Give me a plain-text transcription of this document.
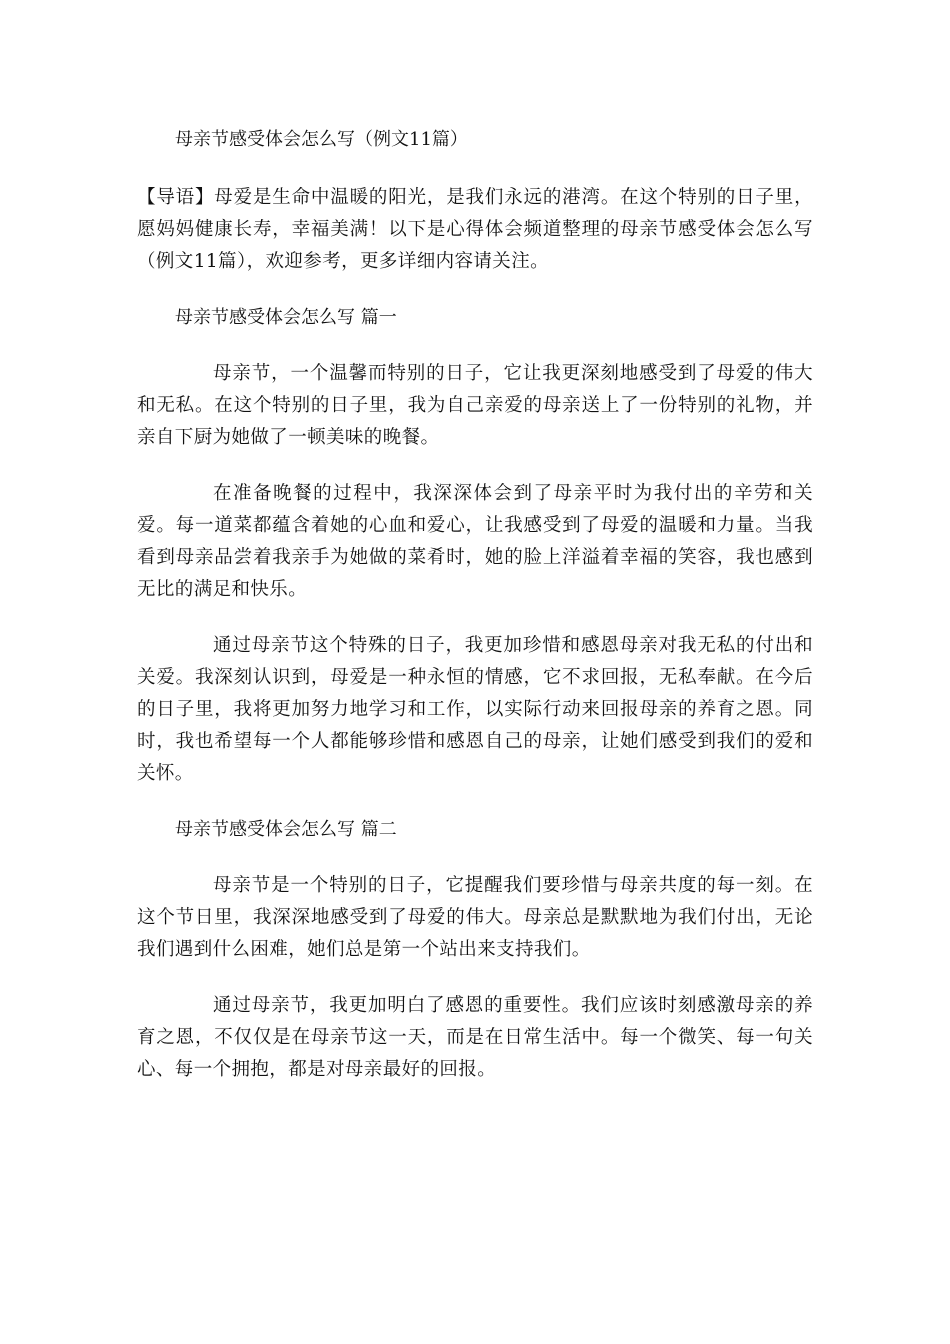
母亲节感受体会怎么写（例文11篇）

【导语】母爱是生命中温暖的阳光，是我们永远的港湾。在这个特别的日子里，愿妈妈健康长寿，幸福美满！以下是心得体会频道整理的母亲节感受体会怎么写（例文11篇），欢迎参考，更多详细内容请关注。

母亲节感受体会怎么写 篇一

母亲节，一个温馨而特别的日子，它让我更深刻地感受到了母爱的伟大和无私。在这个特别的日子里，我为自己亲爱的母亲送上了一份特别的礼物，并亲自下厨为她做了一顿美味的晚餐。

在准备晚餐的过程中，我深深体会到了母亲平时为我付出的辛劳和关爱。每一道菜都蕴含着她的心血和爱心，让我感受到了母爱的温暖和力量。当我看到母亲品尝着我亲手为她做的菜肴时，她的脸上洋溢着幸福的笑容，我也感到无比的满足和快乐。

通过母亲节这个特殊的日子，我更加珍惜和感恩母亲对我无私的付出和关爱。我深刻认识到，母爱是一种永恒的情感，它不求回报，无私奉献。在今后的日子里，我将更加努力地学习和工作，以实际行动来回报母亲的养育之恩。同时，我也希望每一个人都能够珍惜和感恩自己的母亲，让她们感受到我们的爱和关怀。

母亲节感受体会怎么写 篇二

母亲节是一个特别的日子，它提醒我们要珍惜与母亲共度的每一刻。在这个节日里，我深深地感受到了母爱的伟大。母亲总是默默地为我们付出，无论我们遇到什么困难，她们总是第一个站出来支持我们。

通过母亲节，我更加明白了感恩的重要性。我们应该时刻感激母亲的养育之恩，不仅仅是在母亲节这一天，而是在日常生活中。每一个微笑、每一句关心、每一个拥抱，都是对母亲最好的回报。
